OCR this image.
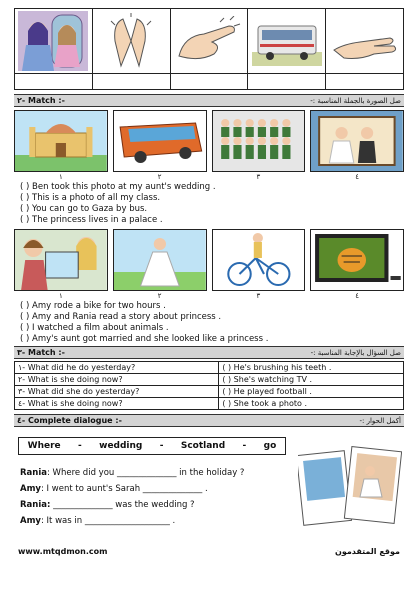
٢- Match :-	صل الصورة بالجملة المناسبة :-
١	٢	٣	٤
( ) Ben took this photo at my aunt's wedding .
( ) This is a photo of all my class.
( ) You can go to Gaza by bus.
( ) The princess lives in a palace .
١	٢	٣	٤
( ) Amy rode a bike for two hours .
( ) Amy and Rania read a story about princess .
( ) I watched a film about animals .
( ) Amy's aunt got married and she looked like a princess .
٣- Match :-	صل السؤال بالإجابة المناسبة :-
١- What did he do yesterday?	( ) He's brushing his teeth .
٢- What is she doing now?	( ) She's watching TV .
٣- What did she do yesterday?	( ) He played football .
٤- What is she doing now?	( ) She took a photo .
٤- Complete dialogue :-	أكمل الحوار :-
Where - wedding - Scotland - go
Rania: Where did you ______________ in the holiday ?
Amy: I went to aunt's Sarah ______________ .
Rania: ______________ was the wedding ?
Amy: It was in ____________________ .
www.mtqdmon.com	موقع المتقدمون
